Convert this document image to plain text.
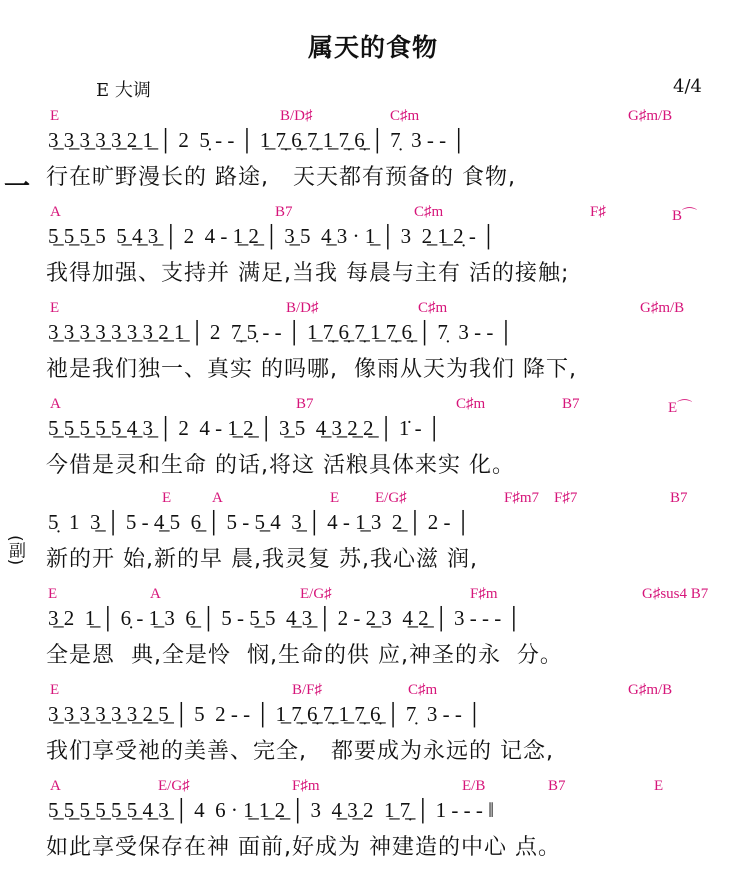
属天的食物
E 大调	4/4
一
(副)
E	B/D♯	C♯m	G♯m/B
3̲ 3̲ 3̲ 3̲ 3̲ 2̲ 1̲ │ 2  5̣ - - │ 1̲ 7̣̲ 6̣̲ 7̣̲ 1̲ 7̣̲ 6̣̲ │ 7̣  3 - - │
行在旷野漫长的 路途,   天天都有预备的 食物,
A	B7	C♯m	F♯	B⌒
5̲ 5̲ 5̲ 5  5̲ 4̲ 3̲ │ 2  4 - 1̲ 2̲ │ 3̲ 5  4̲ 3 · 1̲ │ 3  2̲ 1̲ 2̣ - │
我得加强、支持并 满足,当我 每晨与主有 活的接触;
E	B/D♯	C♯m	G♯m/B
3̲ 3̲ 3̲ 3̲ 3̲ 3̲ 3̲ 2̲ 1̲ │ 2  7̣̲ 5̣ - - │ 1̲ 7̣̲ 6̣̲ 7̣̲ 1̲ 7̣̲ 6̣̲ │ 7̣  3 - - │
祂是我们独一、真实 的吗哪,  像雨从天为我们 降下,
A	B7	C♯m	B7	E⌒
5̲ 5̲ 5̲ 5̲ 5̲ 4̲ 3̲ │ 2  4 - 1̲ 2̲ │ 3̲ 5  4̲ 3̲ 2̲ 2̲ │ 1̇ - │
今借是灵和生命 的话,将这 活粮具体来实 化。
E	A	E E/G♯	F♯m7 F♯7	B7
5̣  1  3̲ │ 5 - 4̲ 5  6̲ │ 5 - 5̲ 4  3̲ │ 4 - 1̲ 3  2̲ │ 2 - │
新的开 始,新的早 晨,我灵复 苏,我心滋 润,
E	A	E/G♯	F♯m	G♯sus4 B7
3̲ 2  1̲ │ 6̣ - 1̲ 3  6̲ │ 5 - 5̲ 5  4̲ 3̲ │ 2 - 2̲ 3  4̲ 2̲ │ 3 - - - │
全是恩  典,全是怜  悯,生命的供 应,神圣的永  分。
E	B/F♯	C♯m	G♯m/B
3̲ 3̲ 3̲ 3̲ 3̲ 3̲ 2̲ 5̲ │ 5  2 - - │ 1̲ 7̣̲ 6̣̲ 7̣̲ 1̲ 7̣̲ 6̣̲ │ 7̣  3 - - │
我们享受祂的美善、完全,   都要成为永远的 记念,
A	E/G♯	F♯m	E/B	B7	E
5̲ 5̲ 5̲ 5̲ 5̲ 5̲ 4̲ 3̲ │ 4  6 · 1̲ 1̲ 2̲ │ 3  4̲ 3̲ 2  1̲ 7̣̲ │ 1 - - - ‖
如此享受保存在神 面前,好成为 神建造的中心 点。
